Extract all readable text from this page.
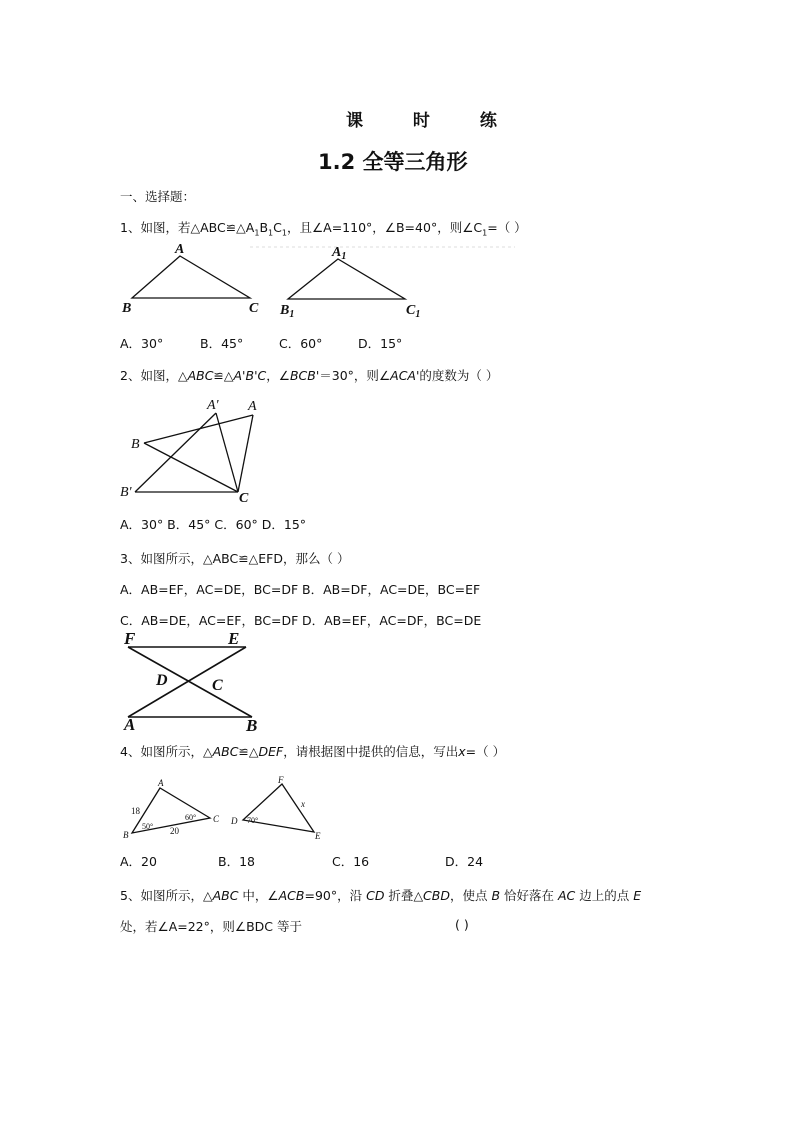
课 时 练
1.2 全等三角形
一、选择题：
1、如图，若$\triangle ABC≌\triangle A_1B_1C_1$，且∠A=110°，∠B=40°，则$\angle C_1=$（ ）
A
B	C
$A_1$
$B_1$	$C_1$
A．30°	B．45°	C．60°	D．15°
2、如图，△ABC≌△A'B'C，∠BCB'＝30°，则∠ACA'的度数为（ ）
A' A
B
B'	C
A．30° B．45° C．60° D．15°
3、如图所示，△ABC≌△EFD，那么（ ）
A．AB=EF，AC=DE，BC=DF B．AB=DF，AC=DE，BC=EF
C．AB=DE，AC=EF，BC=DF D．AB=EF，AC=DF，BC=DE
F	E
D	C
A	B
4、如图所示，△ABC≌△DEF，请根据图中提供的信息，写出x=（ ）
A
B
C
18
20
50°
60°
F
D
E
70°
x
A．20	B．18	C．16	D．24
5、如图所示，△ABC 中，∠ACB=90°，沿 CD 折叠△CBD，使点 B 恰好落在 AC 边上的点 E
处，若∠A=22°，则∠BDC 等于	( )
